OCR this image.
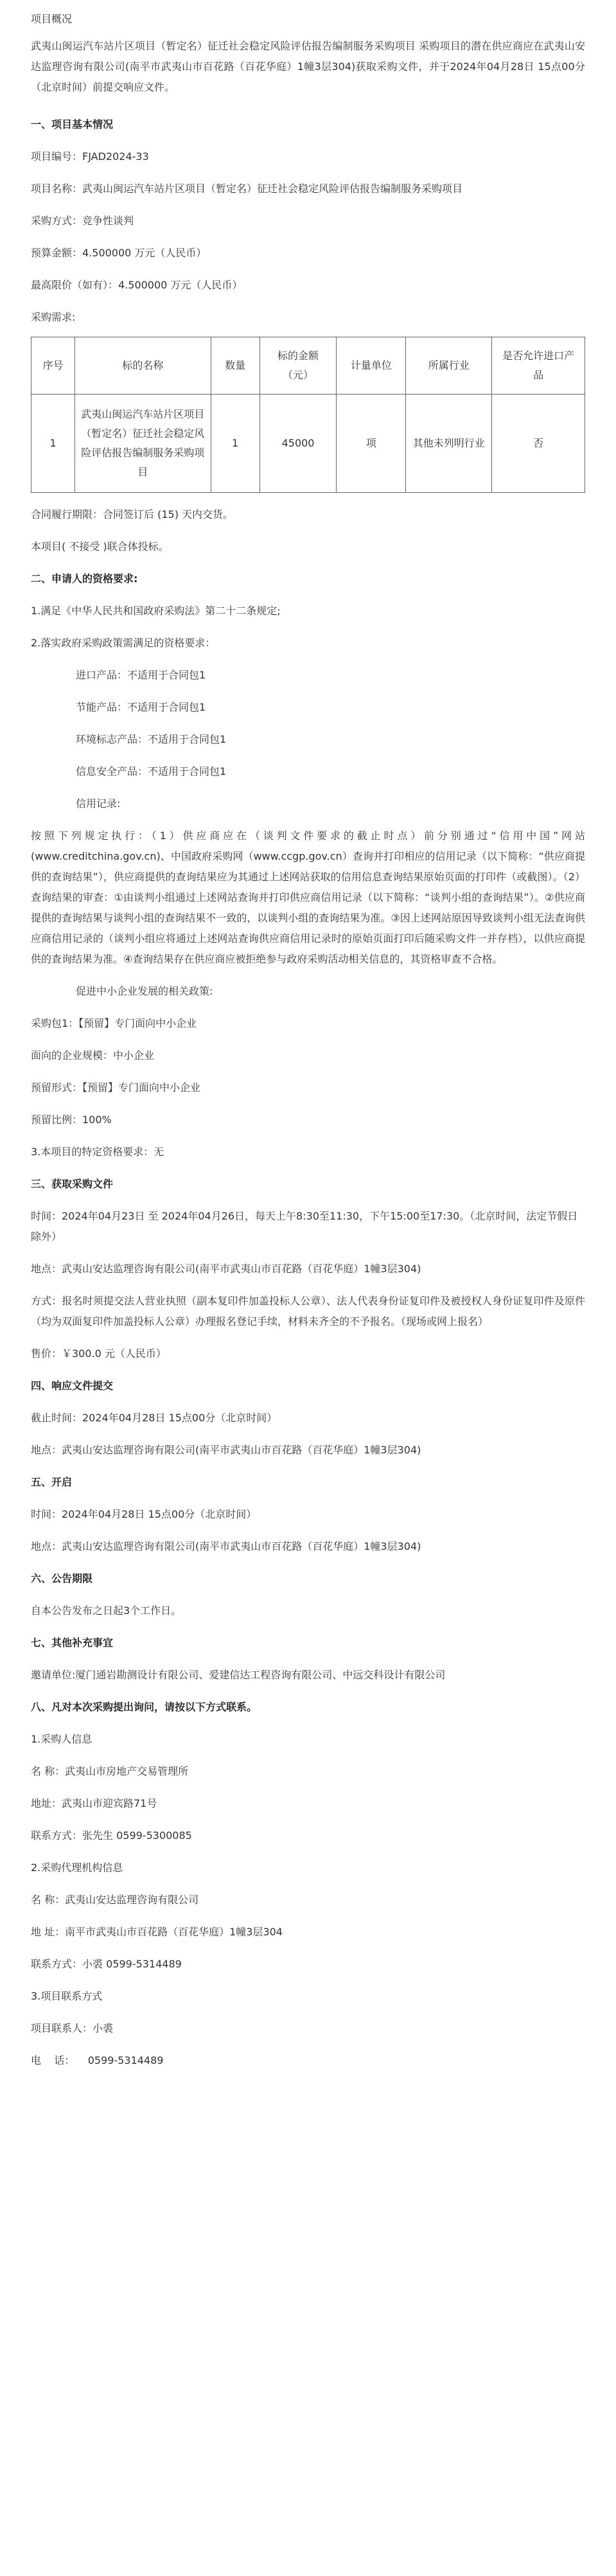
项目概况

武夷山闽运汽车站片区项目（暂定名）征迁社会稳定风险评估报告编制服务采购项目 采购项目的潜在供应商应在武夷山安达监理咨询有限公司(南平市武夷山市百花路（百花华庭）1幢3层304)获取采购文件，并于2024年04月28日 15点00分（北京时间）前提交响应文件。

一、项目基本情况

项目编号：FJAD2024-33

项目名称：武夷山闽运汽车站片区项目（暂定名）征迁社会稳定风险评估报告编制服务采购项目

采购方式：竞争性谈判

预算金额：4.500000 万元（人民币）

最高限价（如有）：4.500000 万元（人民币）

采购需求:

序号	标的名称	数量	标的金额（元）	计量单位	所属行业	是否允许进口产品
1	武夷山闽运汽车站片区项目（暂定名）征迁社会稳定风险评估报告编制服务采购项目	1	45000	项	其他未列明行业	否

合同履行期限：合同签订后 (15) 天内交货。

本项目( 不接受 )联合体投标。

二、申请人的资格要求:

1.满足《中华人民共和国政府采购法》第二十二条规定;

2.落实政府采购政策需满足的资格要求：

进口产品：不适用于合同包1

节能产品：不适用于合同包1

环境标志产品：不适用于合同包1

信息安全产品：不适用于合同包1

信用记录:

按照下列规定执行：（1）供应商应在（谈判文件要求的截止时点）前分别通过“信用中国”网站(www.creditchina.gov.cn)、中国政府采购网（www.ccgp.gov.cn）查询并打印相应的信用记录（以下简称：“供应商提供的查询结果”），供应商提供的查询结果应为其通过上述网站获取的信用信息查询结果原始页面的打印件（或截图）。（2）查询结果的审查：①由谈判小组通过上述网站查询并打印供应商信用记录（以下简称：“谈判小组的查询结果”）。②供应商提供的查询结果与谈判小组的查询结果不一致的，以谈判小组的查询结果为准。③因上述网站原因导致谈判小组无法查询供应商信用记录的（谈判小组应将通过上述网站查询供应商信用记录时的原始页面打印后随采购文件一并存档），以供应商提供的查询结果为准。④查询结果存在供应商应被拒绝参与政府采购活动相关信息的，其资格审查不合格。

促进中小企业发展的相关政策:

采购包1：【预留】专门面向中小企业

面向的企业规模：中小企业

预留形式：【预留】专门面向中小企业

预留比例：100%

3.本项目的特定资格要求：无

三、获取采购文件

时间：2024年04月23日 至 2024年04月26日，每天上午8:30至11:30，下午15:00至17:30。（北京时间，法定节假日除外）

地点：武夷山安达监理咨询有限公司(南平市武夷山市百花路（百花华庭）1幢3层304)

方式：报名时须提交法人营业执照（副本复印件加盖投标人公章）、法人代表身份证复印件及被授权人身份证复印件及原件（均为双面复印件加盖投标人公章）办理报名登记手续，材料未齐全的不予报名。（现场或网上报名）

售价：￥300.0 元（人民币）

四、响应文件提交

截止时间：2024年04月28日 15点00分（北京时间）

地点：武夷山安达监理咨询有限公司(南平市武夷山市百花路（百花华庭）1幢3层304)

五、开启

时间：2024年04月28日 15点00分（北京时间）

地点：武夷山安达监理咨询有限公司(南平市武夷山市百花路（百花华庭）1幢3层304)

六、公告期限

自本公告发布之日起3个工作日。

七、其他补充事宜

邀请单位:厦门通岩勘测设计有限公司、爱建信达工程咨询有限公司、中远交科设计有限公司

八、凡对本次采购提出询问，请按以下方式联系。

1.采购人信息

名 称：武夷山市房地产交易管理所

地址：武夷山市迎宾路71号

联系方式：张先生 0599-5300085

2.采购代理机构信息

名 称：武夷山安达监理咨询有限公司

地 址：南平市武夷山市百花路（百花华庭）1幢3层304

联系方式：小裘 0599-5314489

3.项目联系方式

项目联系人：小裘

电    话：    0599-5314489
